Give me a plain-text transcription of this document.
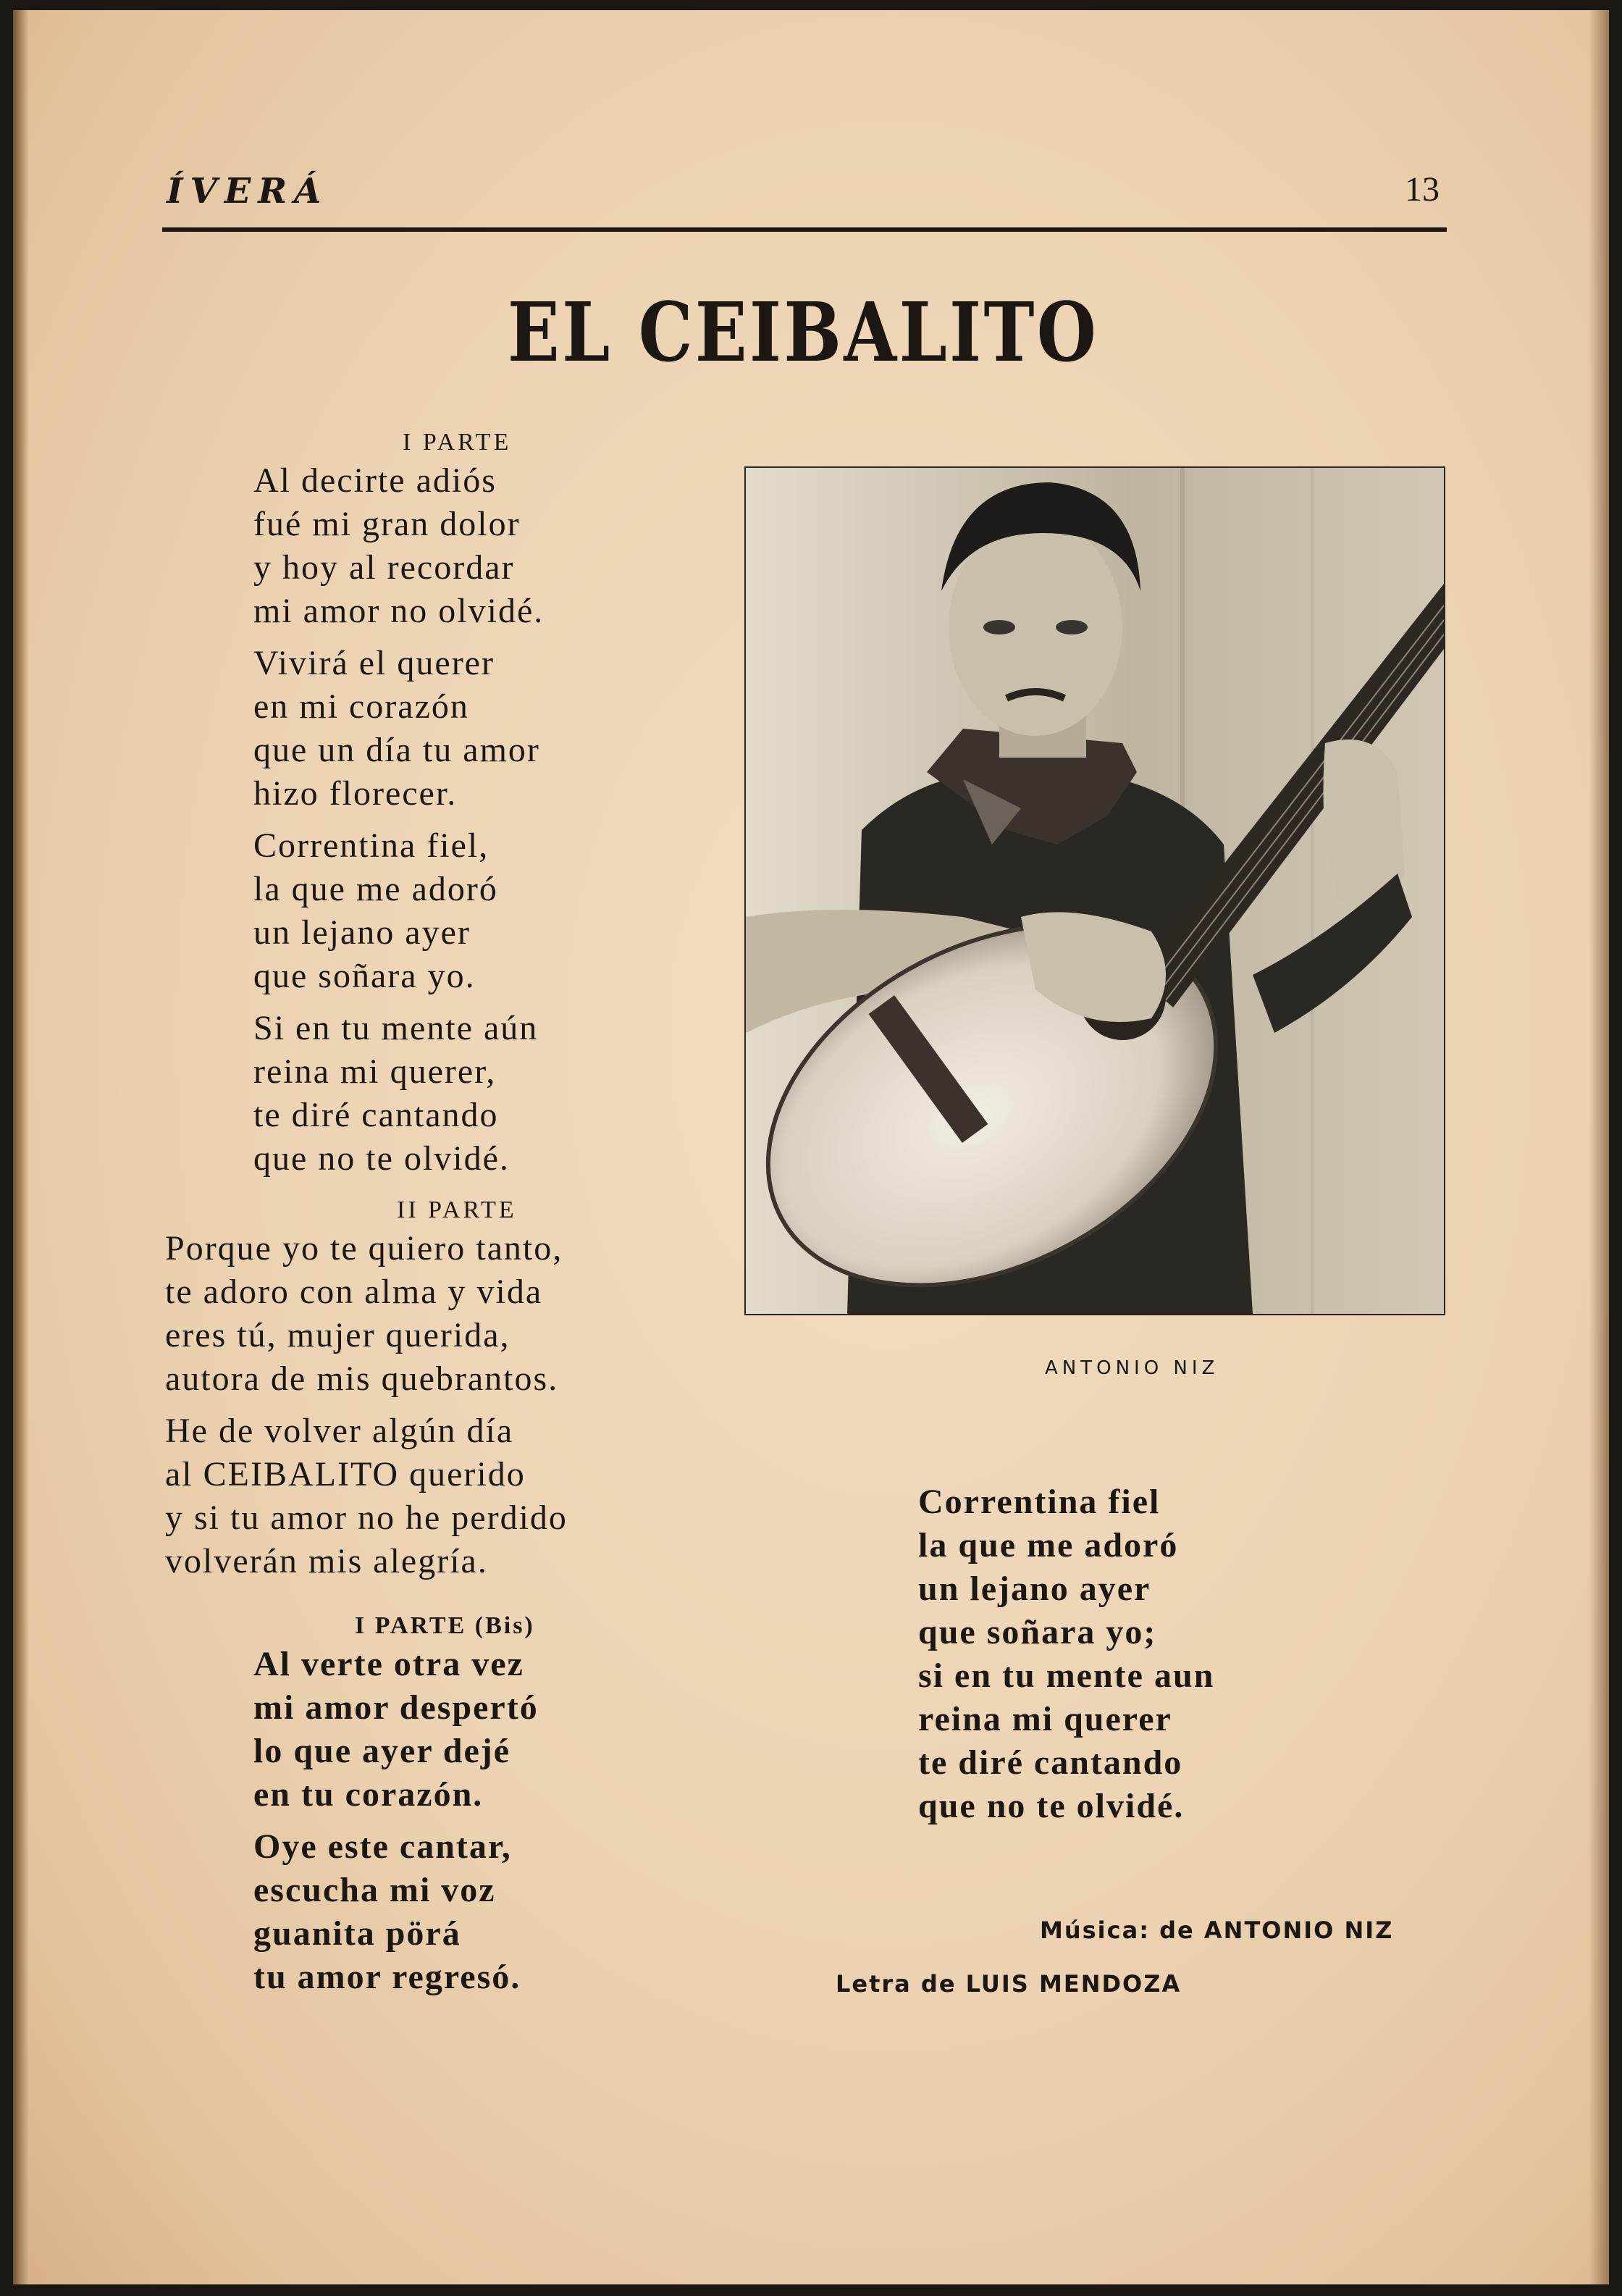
ÍVERÁ	13
EL CEIBALITO
I PARTE
Al decirte adiós
fué mi gran dolor
y hoy al recordar
mi amor no olvidé.
Vivirá el querer
en mi corazón
que un día tu amor
hizo florecer.
Correntina fiel,
la que me adoró
un lejano ayer
que soñara yo.
Si en tu mente aún
reina mi querer,
te diré cantando
que no te olvidé.
II PARTE
Porque yo te quiero tanto,
te adoro con alma y vida
eres tú, mujer querida,
autora de mis quebrantos.
He de volver algún día
al CEIBALITO querido
y si tu amor no he perdido
volverán mis alegría.
I PARTE (Bis)
Al verte otra vez
mi amor despertó
lo que ayer dejé
en tu corazón.
Oye este cantar,
escucha mi voz
guanita pörá
tu amor regresó.
ANTONIO NIZ
Correntina fiel
la que me adoró
un lejano ayer
que soñara yo;
si en tu mente aun
reina mi querer
te diré cantando
que no te olvidé.
Música: de ANTONIO NIZ
Letra de LUIS MENDOZA
